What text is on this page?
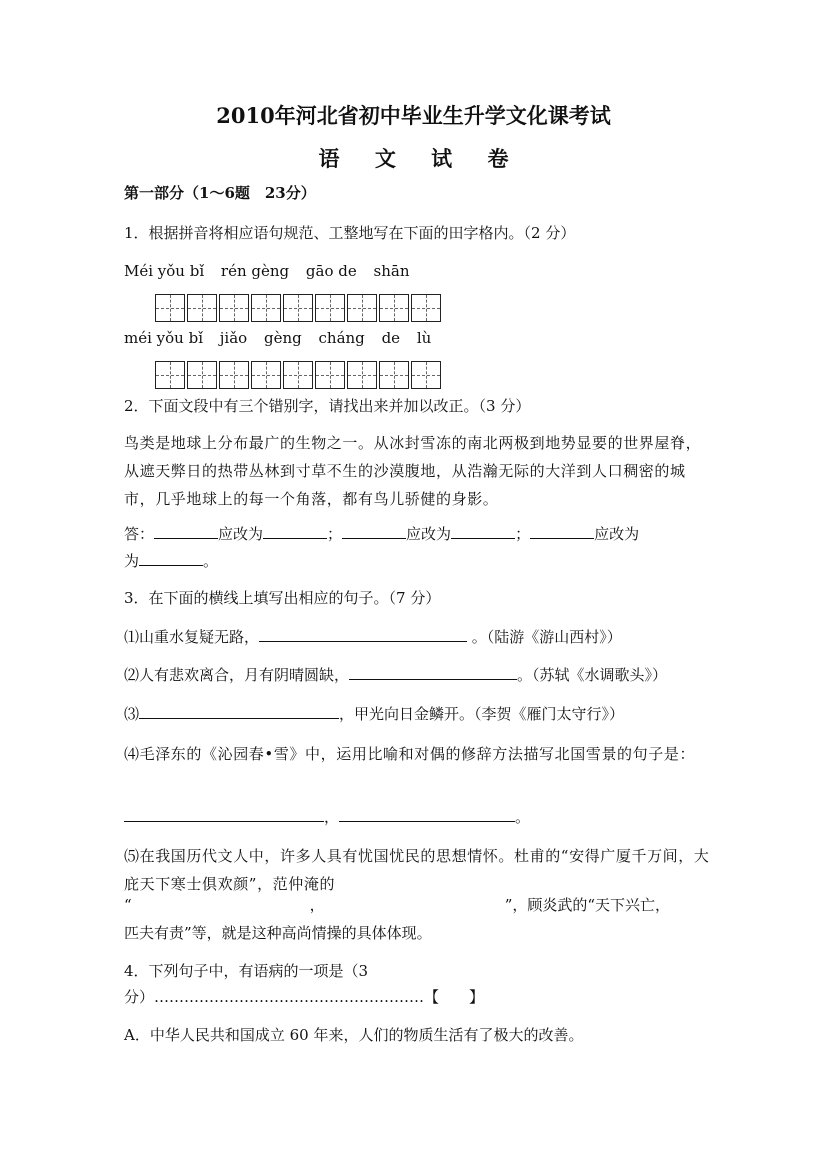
2010年河北省初中毕业生升学文化课考试
语 文 试 卷
第一部分（1～6题　23分）
1．根据拼音将相应语句规范、工整地写在下面的田字格内。（2 分）
Méi yǒu bǐ rén gèng gāo de shān
méi yǒu bǐ jiǎo gèng cháng de lù
2．下面文段中有三个错别字，请找出来并加以改正。（3 分）
鸟类是地球上分布最广的生物之一。从冰封雪冻的南北两极到地势显要的世界屋脊，从遮天弊日的热带丛林到寸草不生的沙漠腹地，从浩瀚无际的大洋到人口稠密的城市，几乎地球上的每一个角落，都有鸟儿骄健的身影。
答：	应改为	；	应改为	；	应改为
为	。
3．在下面的横线上填写出相应的句子。（7 分）
⑴山重水复疑无路，	。（陆游《游山西村》）
⑵人有悲欢离合，月有阴晴圆缺，	。（苏轼《水调歌头》）
⑶	，甲光向日金鳞开。（李贺《雁门太守行》）
⑷毛泽东的《沁园春•雪》中，运用比喻和对偶的修辞方法描写北国雪景的句子是：
，	。
⑸在我国历代文人中，许多人具有忧国忧民的思想情怀。杜甫的“安得广厦千万间，大庇天下寒士俱欢颜”，范仲淹的
“	，	”，顾炎武的“天下兴亡，
匹夫有责”等，就是这种高尚情操的具体体现。
4．下列句子中，有语病的一项是（3
分）………………………………………………【　　】
A．中华人民共和国成立 60 年来，人们的物质生活有了极大的改善。
